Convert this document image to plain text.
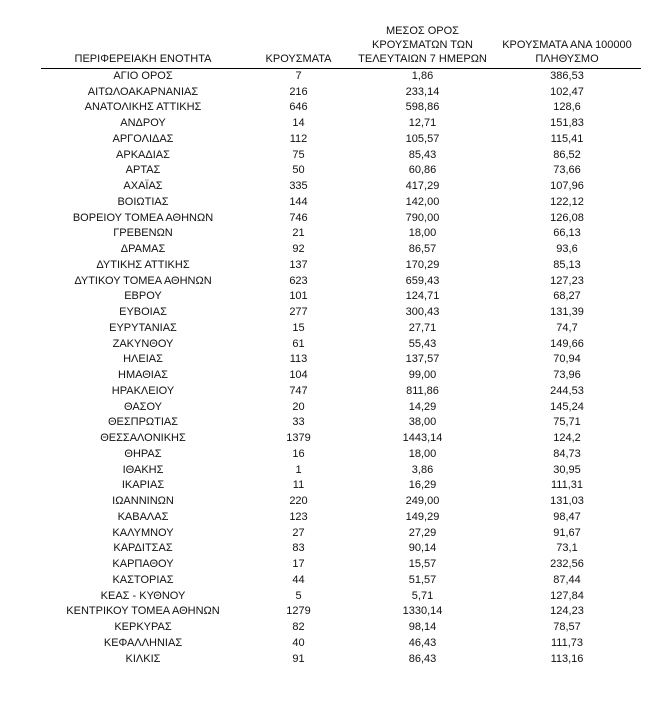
ΠΕΡΙΦΕΡΕΙΑΚΗ ΕΝΟΤΗΤΑ	ΚΡΟΥΣΜΑΤΑ	ΜΕΣΟΣ ΟΡΟΣ
ΚΡΟΥΣΜΑΤΩΝ ΤΩΝ
ΤΕΛΕΥΤΑΙΩΝ 7 ΗΜΕΡΩΝ	ΚΡΟΥΣΜΑΤΑ ΑΝΑ 100000
ΠΛΗΘΥΣΜΟ
ΑΓΙΟ ΟΡΟΣ	7	1,86	386,53
ΑΙΤΩΛΟΑΚΑΡΝΑΝΙΑΣ	216	233,14	102,47
ΑΝΑΤΟΛΙΚΗΣ ΑΤΤΙΚΗΣ	646	598,86	128,6
ΑΝΔΡΟΥ	14	12,71	151,83
ΑΡΓΟΛΙΔΑΣ	112	105,57	115,41
ΑΡΚΑΔΙΑΣ	75	85,43	86,52
ΑΡΤΑΣ	50	60,86	73,66
ΑΧΑΪΑΣ	335	417,29	107,96
ΒΟΙΩΤΙΑΣ	144	142,00	122,12
ΒΟΡΕΙΟΥ ΤΟΜΕΑ ΑΘΗΝΩΝ	746	790,00	126,08
ΓΡΕΒΕΝΩΝ	21	18,00	66,13
ΔΡΑΜΑΣ	92	86,57	93,6
ΔΥΤΙΚΗΣ ΑΤΤΙΚΗΣ	137	170,29	85,13
ΔΥΤΙΚΟΥ ΤΟΜΕΑ ΑΘΗΝΩΝ	623	659,43	127,23
ΕΒΡΟΥ	101	124,71	68,27
ΕΥΒΟΙΑΣ	277	300,43	131,39
ΕΥΡΥΤΑΝΙΑΣ	15	27,71	74,7
ΖΑΚΥΝΘΟΥ	61	55,43	149,66
ΗΛΕΙΑΣ	113	137,57	70,94
ΗΜΑΘΙΑΣ	104	99,00	73,96
ΗΡΑΚΛΕΙΟΥ	747	811,86	244,53
ΘΑΣΟΥ	20	14,29	145,24
ΘΕΣΠΡΩΤΙΑΣ	33	38,00	75,71
ΘΕΣΣΑΛΟΝΙΚΗΣ	1379	1443,14	124,2
ΘΗΡΑΣ	16	18,00	84,73
ΙΘΑΚΗΣ	1	3,86	30,95
ΙΚΑΡΙΑΣ	11	16,29	111,31
ΙΩΑΝΝΙΝΩΝ	220	249,00	131,03
ΚΑΒΑΛΑΣ	123	149,29	98,47
ΚΑΛΥΜΝΟΥ	27	27,29	91,67
ΚΑΡΔΙΤΣΑΣ	83	90,14	73,1
ΚΑΡΠΑΘΟΥ	17	15,57	232,56
ΚΑΣΤΟΡΙΑΣ	44	51,57	87,44
ΚΕΑΣ - ΚΥΘΝΟΥ	5	5,71	127,84
ΚΕΝΤΡΙΚΟΥ ΤΟΜΕΑ ΑΘΗΝΩΝ	1279	1330,14	124,23
ΚΕΡΚΥΡΑΣ	82	98,14	78,57
ΚΕΦΑΛΛΗΝΙΑΣ	40	46,43	111,73
ΚΙΛΚΙΣ	91	86,43	113,16
